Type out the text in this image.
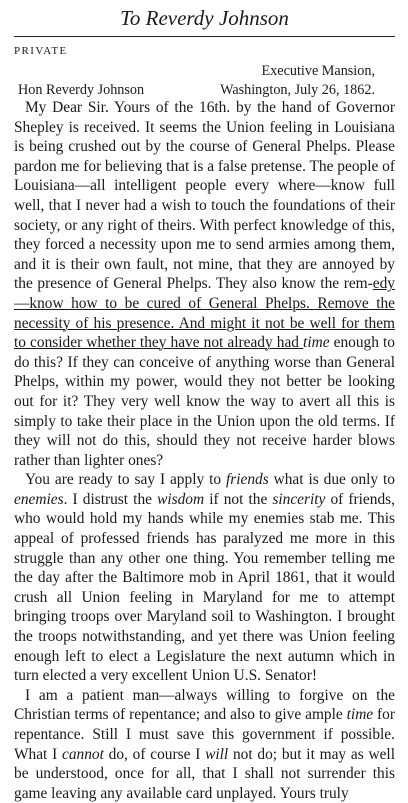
To Reverdy Johnson
PRIVATE
Executive Mansion,
Hon Reverdy Johnson	Washington, July 26, 1862.

My Dear Sir. Yours of the 16th. by the hand of Governor Shepley is received. It seems the Union feeling in Louisiana is being crushed out by the course of General Phelps. Please pardon me for believing that is a false pretense. The people of Louisiana—all intelligent people every where—know full well, that I never had a wish to touch the foundations of their society, or any right of theirs. With perfect knowledge of this, they forced a necessity upon me to send armies among them, and it is their own fault, not mine, that they are annoyed by the presence of General Phelps. They also know the rem-edy—know how to be cured of General Phelps. Remove the necessity of his presence. And might it not be well for them to consider whether they have not already had time enough to do this? If they can conceive of anything worse than General Phelps, within my power, would they not better be looking out for it? They very well know the way to avert all this is simply to take their place in the Union upon the old terms. If they will not do this, should they not receive harder blows rather than lighter ones?

You are ready to say I apply to friends what is due only to enemies. I distrust the wisdom if not the sincerity of friends, who would hold my hands while my enemies stab me. This appeal of professed friends has paralyzed me more in this struggle than any other one thing. You remember telling me the day after the Baltimore mob in April 1861, that it would crush all Union feeling in Maryland for me to attempt bringing troops over Maryland soil to Washington. I brought the troops notwithstanding, and yet there was Union feeling enough left to elect a Legislature the next autumn which in turn elected a very excellent Union U.S. Senator!

I am a patient man—always willing to forgive on the Christian terms of repentance; and also to give ample time for repentance. Still I must save this government if possible. What I cannot do, of course I will not do; but it may as well be understood, once for all, that I shall not surrender this game leaving any available card unplayed. Yours truly
